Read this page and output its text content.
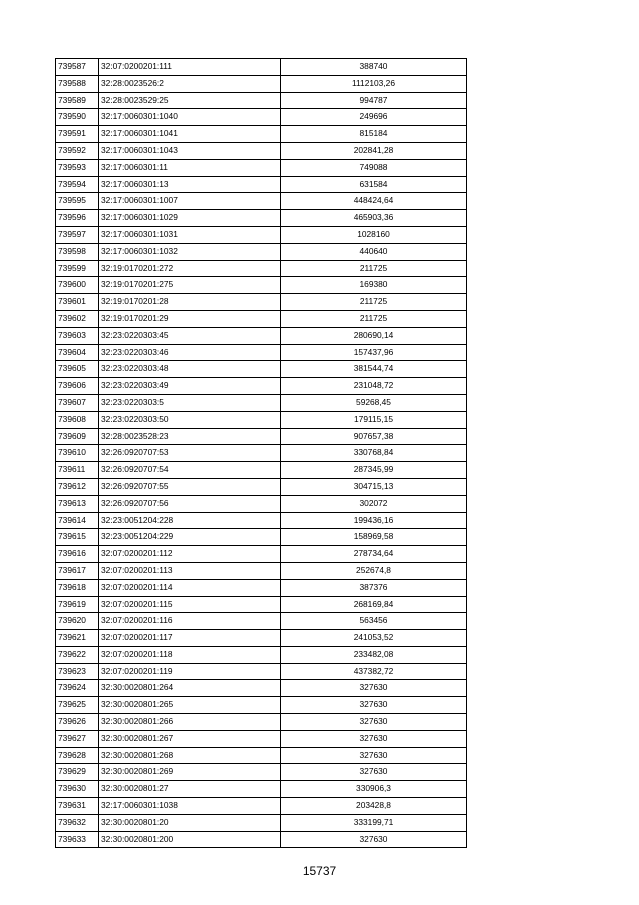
739587	32:07:0200201:111	388740
739588	32:28:0023526:2	1112103,26
739589	32:28:0023529:25	994787
739590	32:17:0060301:1040	249696
739591	32:17:0060301:1041	815184
739592	32:17:0060301:1043	202841,28
739593	32:17:0060301:11	749088
739594	32:17:0060301:13	631584
739595	32:17:0060301:1007	448424,64
739596	32:17:0060301:1029	465903,36
739597	32:17:0060301:1031	1028160
739598	32:17:0060301:1032	440640
739599	32:19:0170201:272	211725
739600	32:19:0170201:275	169380
739601	32:19:0170201:28	211725
739602	32:19:0170201:29	211725
739603	32:23:0220303:45	280690,14
739604	32:23:0220303:46	157437,96
739605	32:23:0220303:48	381544,74
739606	32:23:0220303:49	231048,72
739607	32:23:0220303:5	59268,45
739608	32:23:0220303:50	179115,15
739609	32:28:0023528:23	907657,38
739610	32:26:0920707:53	330768,84
739611	32:26:0920707:54	287345,99
739612	32:26:0920707:55	304715,13
739613	32:26:0920707:56	302072
739614	32:23:0051204:228	199436,16
739615	32:23:0051204:229	158969,58
739616	32:07:0200201:112	278734,64
739617	32:07:0200201:113	252674,8
739618	32:07:0200201:114	387376
739619	32:07:0200201:115	268169,84
739620	32:07:0200201:116	563456
739621	32:07:0200201:117	241053,52
739622	32:07:0200201:118	233482,08
739623	32:07:0200201:119	437382,72
739624	32:30:0020801:264	327630
739625	32:30:0020801:265	327630
739626	32:30:0020801:266	327630
739627	32:30:0020801:267	327630
739628	32:30:0020801:268	327630
739629	32:30:0020801:269	327630
739630	32:30:0020801:27	330906,3
739631	32:17:0060301:1038	203428,8
739632	32:30:0020801:20	333199,71
739633	32:30:0020801:200	327630
15737
